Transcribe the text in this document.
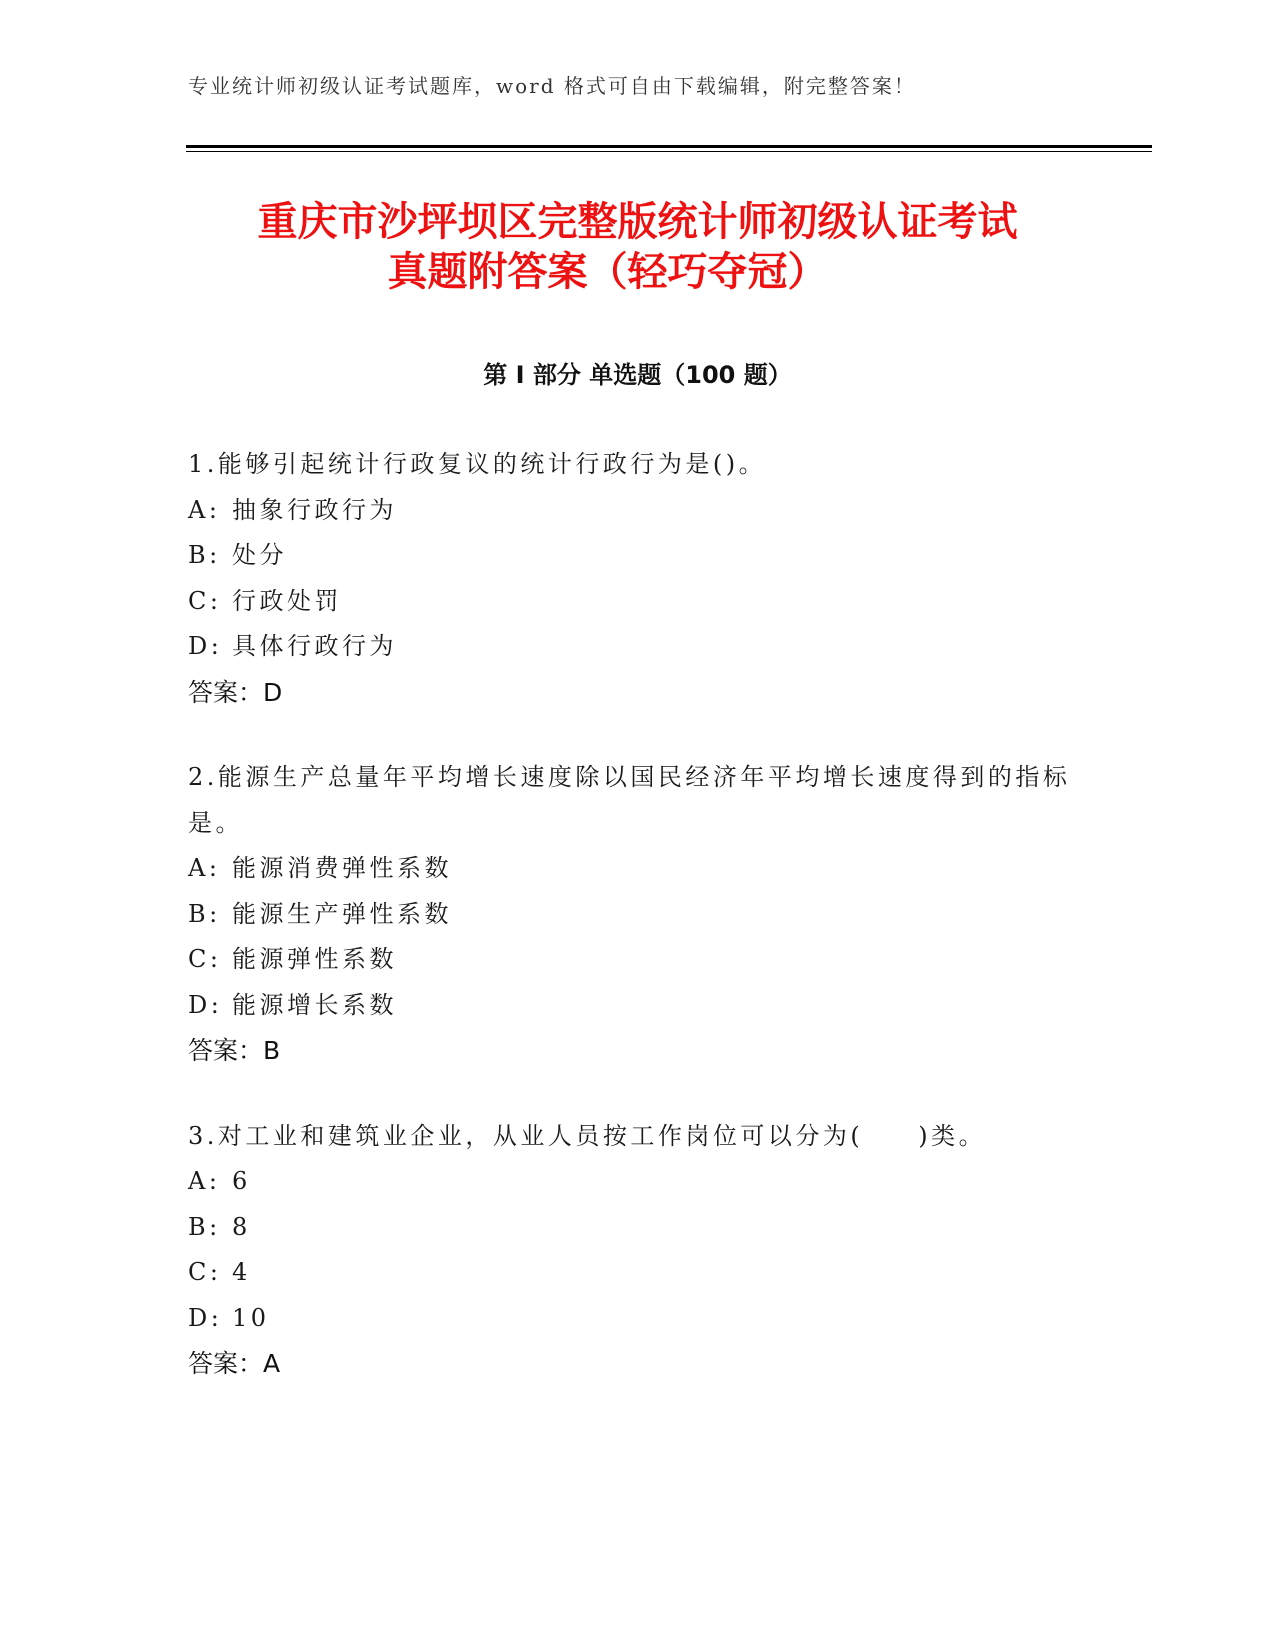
专业统计师初级认证考试题库，word 格式可自由下载编辑，附完整答案！
重庆市沙坪坝区完整版统计师初级认证考试
真题附答案（轻巧夺冠）
第 I 部分 单选题（100 题）
1.能够引起统计行政复议的统计行政行为是()。
A: 抽象行政行为
B: 处分
C: 行政处罚
D: 具体行政行为
答案：D
2.能源生产总量年平均增长速度除以国民经济年平均增长速度得到的指标是。
A: 能源消费弹性系数
B: 能源生产弹性系数
C: 能源弹性系数
D: 能源增长系数
答案：B
3.对工业和建筑业企业，从业人员按工作岗位可以分为(　　)类。
A: 6
B: 8
C: 4
D: 10
答案：A
